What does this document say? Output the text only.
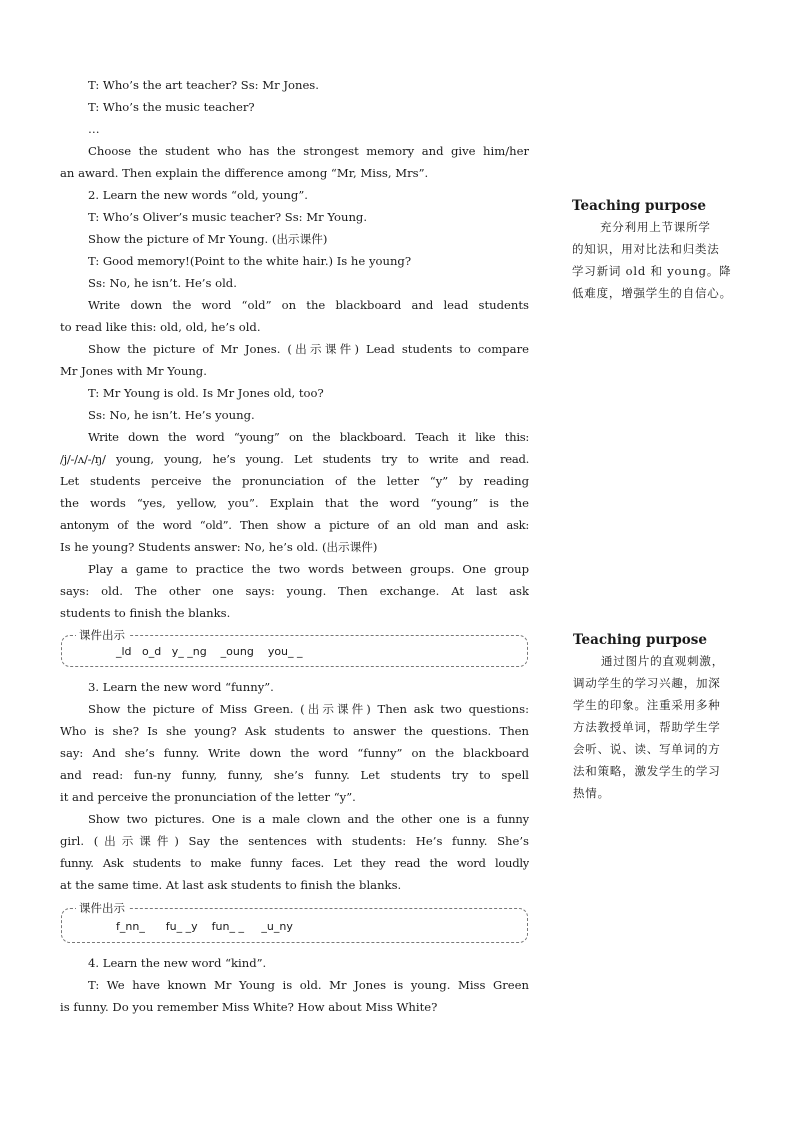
T: Who’s the art teacher? Ss: Mr Jones.
T: Who’s the music teacher?
…
Choose the student who has the strongest memory and give him/her
an award. Then explain the difference among “Mr, Miss, Mrs”.
2. Learn the new words “old, young”.
T: Who’s Oliver’s music teacher? Ss: Mr Young.
Show the picture of Mr Young. (出示课件)
T: Good memory!(Point to the white hair.) Is he young?
Ss: No, he isn’t. He’s old.
Write down the word “old” on the blackboard and lead students
to read like this: old, old, he’s old.
Show the picture of Mr Jones. (出示课件) Lead students to compare
Mr Jones with Mr Young.
T: Mr Young is old. Is Mr Jones old, too?
Ss: No, he isn’t. He’s young.
Write down the word “young” on the blackboard. Teach it like this:
/j/-/ʌ/-/ŋ/ young, young, he’s young. Let students try to write and read.
Let students perceive the pronunciation of the letter “y” by reading
the words “yes, yellow, you”. Explain that the word “young” is the
antonym of the word “old”. Then show a picture of an old man and ask:
Is he young? Students answer: No, he’s old. (出示课件)
Play a game to practice the two words between groups. One group
says: old. The other one says: young. Then exchange. At last ask
students to finish the blanks.
课件出示
_ld   o_d   y_ _ng    _oung    you_ _
3. Learn the new word “funny”.
Show the picture of Miss Green. (出示课件) Then ask two questions:
Who is she? Is she young? Ask students to answer the questions. Then
say: And she’s funny. Write down the word “funny” on the blackboard
and read: fun-ny funny, funny, she’s funny. Let students try to spell
it and perceive the pronunciation of the letter “y”.
Show two pictures. One is a male clown and the other one is a funny
girl. (出示课件) Say the sentences with students: He’s funny. She’s
funny. Ask students to make funny faces. Let they read the word loudly
at the same time. At last ask students to finish the blanks.
课件出示
f_nn_      fu_ _y    fun_ _     _u_ny
4. Learn the new word “kind”.
T: We have known Mr Young is old. Mr Jones is young. Miss Green
is funny. Do you remember Miss White? How about Miss White?
Teaching purpose
充分利用上节课所学
的知识，用对比法和归类法
学习新词 old 和 young。降
低难度，增强学生的自信心。
Teaching purpose
通过图片的直观刺激，
调动学生的学习兴趣，加深
学生的印象。注重采用多种
方法教授单词，帮助学生学
会听、说、读、写单词的方
法和策略，激发学生的学习
热情。
